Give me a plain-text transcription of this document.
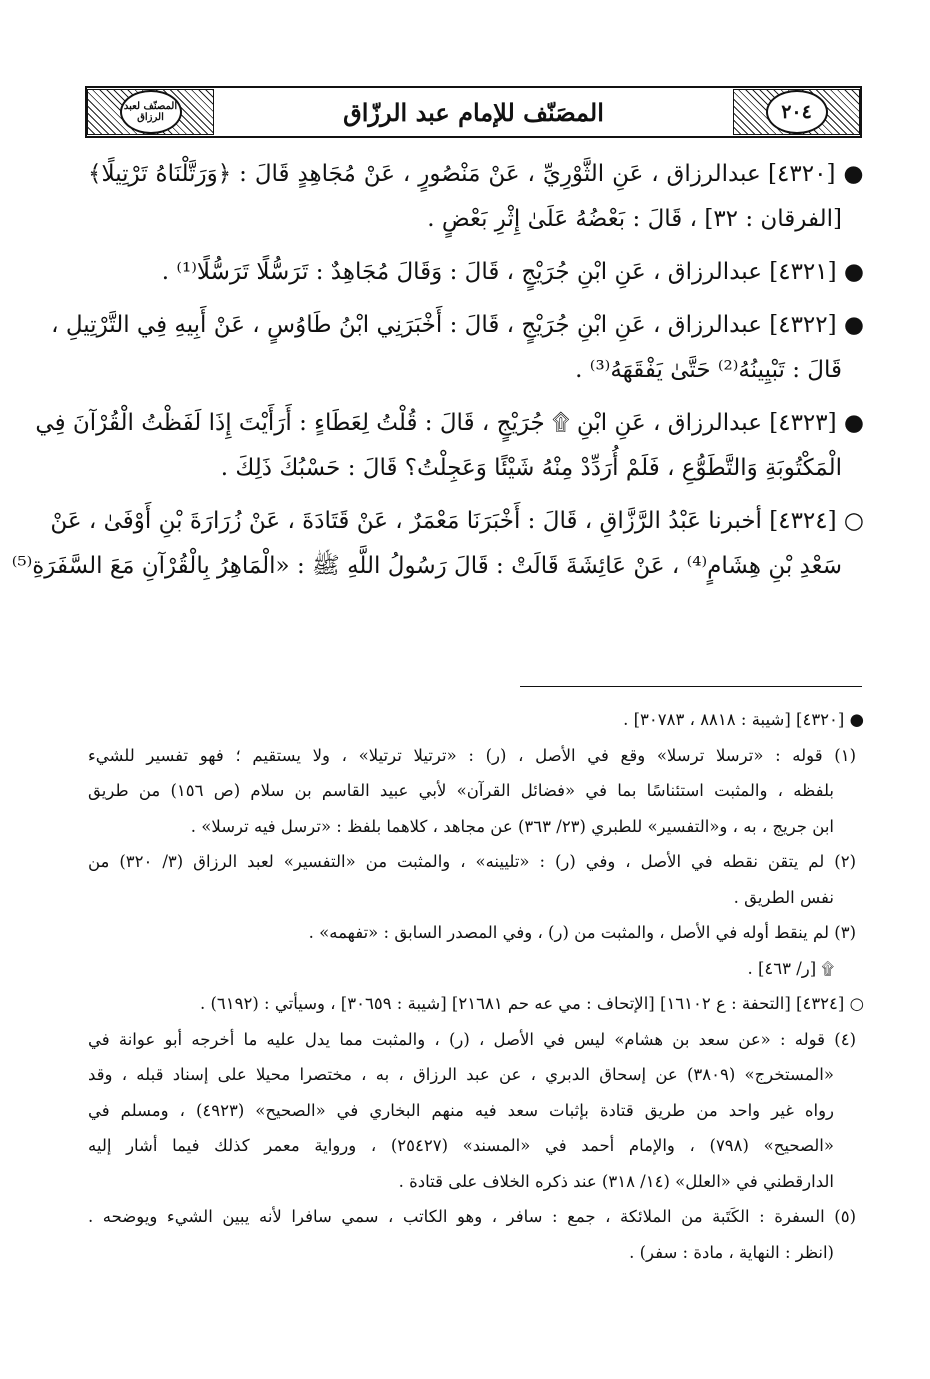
٢٠٤
المصَنّف للإمام عبد الرزّاق
المصنّف لعبد الرزاق
● [٤٣٢٠] عبدالرزاق ، عَنِ الثَّوْرِيِّ ، عَنْ مَنْصُورٍ ، عَنْ مُجَاهِدٍ قَالَ : ﴿وَرَتَّلْنَاهُ تَرْتِيلًا﴾
[الفرقان : ٣٢] ، قَالَ : بَعْضُهُ عَلَىٰ إِثْرِ بَعْضٍ .
● [٤٣٢١] عبدالرزاق ، عَنِ ابْنِ جُرَيْجٍ ، قَالَ : وَقَالَ مُجَاهِدٌ : تَرَسُّلًا تَرَسُّلًا⁽¹⁾ .
● [٤٣٢٢] عبدالرزاق ، عَنِ ابْنِ جُرَيْجٍ ، قَالَ : أَخْبَرَنِي ابْنُ طَاوُسٍ ، عَنْ أَبِيهِ فِي التَّرْتِيلِ ،
قَالَ : تَبْيِينُهُ⁽²⁾ حَتَّىٰ يَفْقَهَهُ⁽³⁾ .
● [٤٣٢٣] عبدالرزاق ، عَنِ ابْنِ ۩ جُرَيْجٍ ، قَالَ : قُلْتُ لِعَطَاءٍ : أَرَأَيْتَ إِذَا لَفَظْتُ الْقُرْآنَ فِي
الْمَكْتُوبَةِ وَالتَّطَوُّعِ ، فَلَمْ أُرَدِّدْ مِنْهُ شَيْئًا وَعَجِلْتُ؟ قَالَ : حَسْبُكَ ذَلِكَ .
○ [٤٣٢٤] أخبرنا عَبْدُ الرَّزَّاقِ ، قَالَ : أَخْبَرَنَا مَعْمَرٌ ، عَنْ قَتَادَةَ ، عَنْ زُرَارَةَ بْنِ أَوْفَىٰ ، عَنْ
سَعْدِ بْنِ هِشَامٍ⁽⁴⁾ ، عَنْ عَائِشَةَ قَالَتْ : قَالَ رَسُولُ اللَّهِ ﷺ : «الْمَاهِرُ بِالْقُرْآنِ مَعَ السَّفَرَةِ⁽⁵⁾
● [٤٣٢٠] [شيبة : ٨٨١٨ ، ٣٠٧٨٣] .
(١) قوله : «ترسلا ترسلا» وقع في الأصل ، (ر) : «ترتيلا ترتيلا» ، ولا يستقيم ؛ فهو تفسير للشيء
بلفظه ، والمثبت استئناسًا بما في «فضائل القرآن» لأبي عبيد القاسم بن سلام (ص ١٥٦) من طريق
ابن جريج ، به ، و«التفسير» للطبري (٢٣/ ٣٦٣) عن مجاهد ، كلاهما بلفظ : «ترسل فيه ترسلا» .
(٢) لم يتقن نقطه في الأصل ، وفي (ر) : «تليينه» ، والمثبت من «التفسير» لعبد الرزاق (٣/ ٣٢٠) من
نفس الطريق .
(٣) لم ينقط أوله في الأصل ، والمثبت من (ر) ، وفي المصدر السابق : «تفهمه» .
۩ [ر/ ٤٦٣] .
○ [٤٣٢٤] [التحفة : ع ١٦١٠٢] [الإتحاف : مي عه حم ٢١٦٨١] [شيبة : ٣٠٦٥٩] ، وسيأتي : (٦١٩٢) .
(٤) قوله : «عن سعد بن هشام» ليس في الأصل ، (ر) ، والمثبت مما يدل عليه ما أخرجه أبو عوانة في
«المستخرج» (٣٨٠٩) عن إسحاق الدبري ، عن عبد الرزاق ، به ، مختصرا محيلا على إسناد قبله ، وقد
رواه غير واحد من طريق قتادة بإثبات سعد فيه منهم البخاري في «الصحيح» (٤٩٢٣) ، ومسلم في
«الصحيح» (٧٩٨) ، والإمام أحمد في «المسند» (٢٥٤٢٧) ، ورواية معمر كذلك فيما أشار إليه
الدارقطني في «العلل» (١٤/ ٣١٨) عند ذكره الخلاف على قتادة .
(٥) السفرة : الكَتَبة من الملائكة ، جمع : سافر ، وهو الكاتب ، سمي سافرا لأنه يبين الشيء ويوضحه .
(انظر : النهاية ، مادة : سفر) .
